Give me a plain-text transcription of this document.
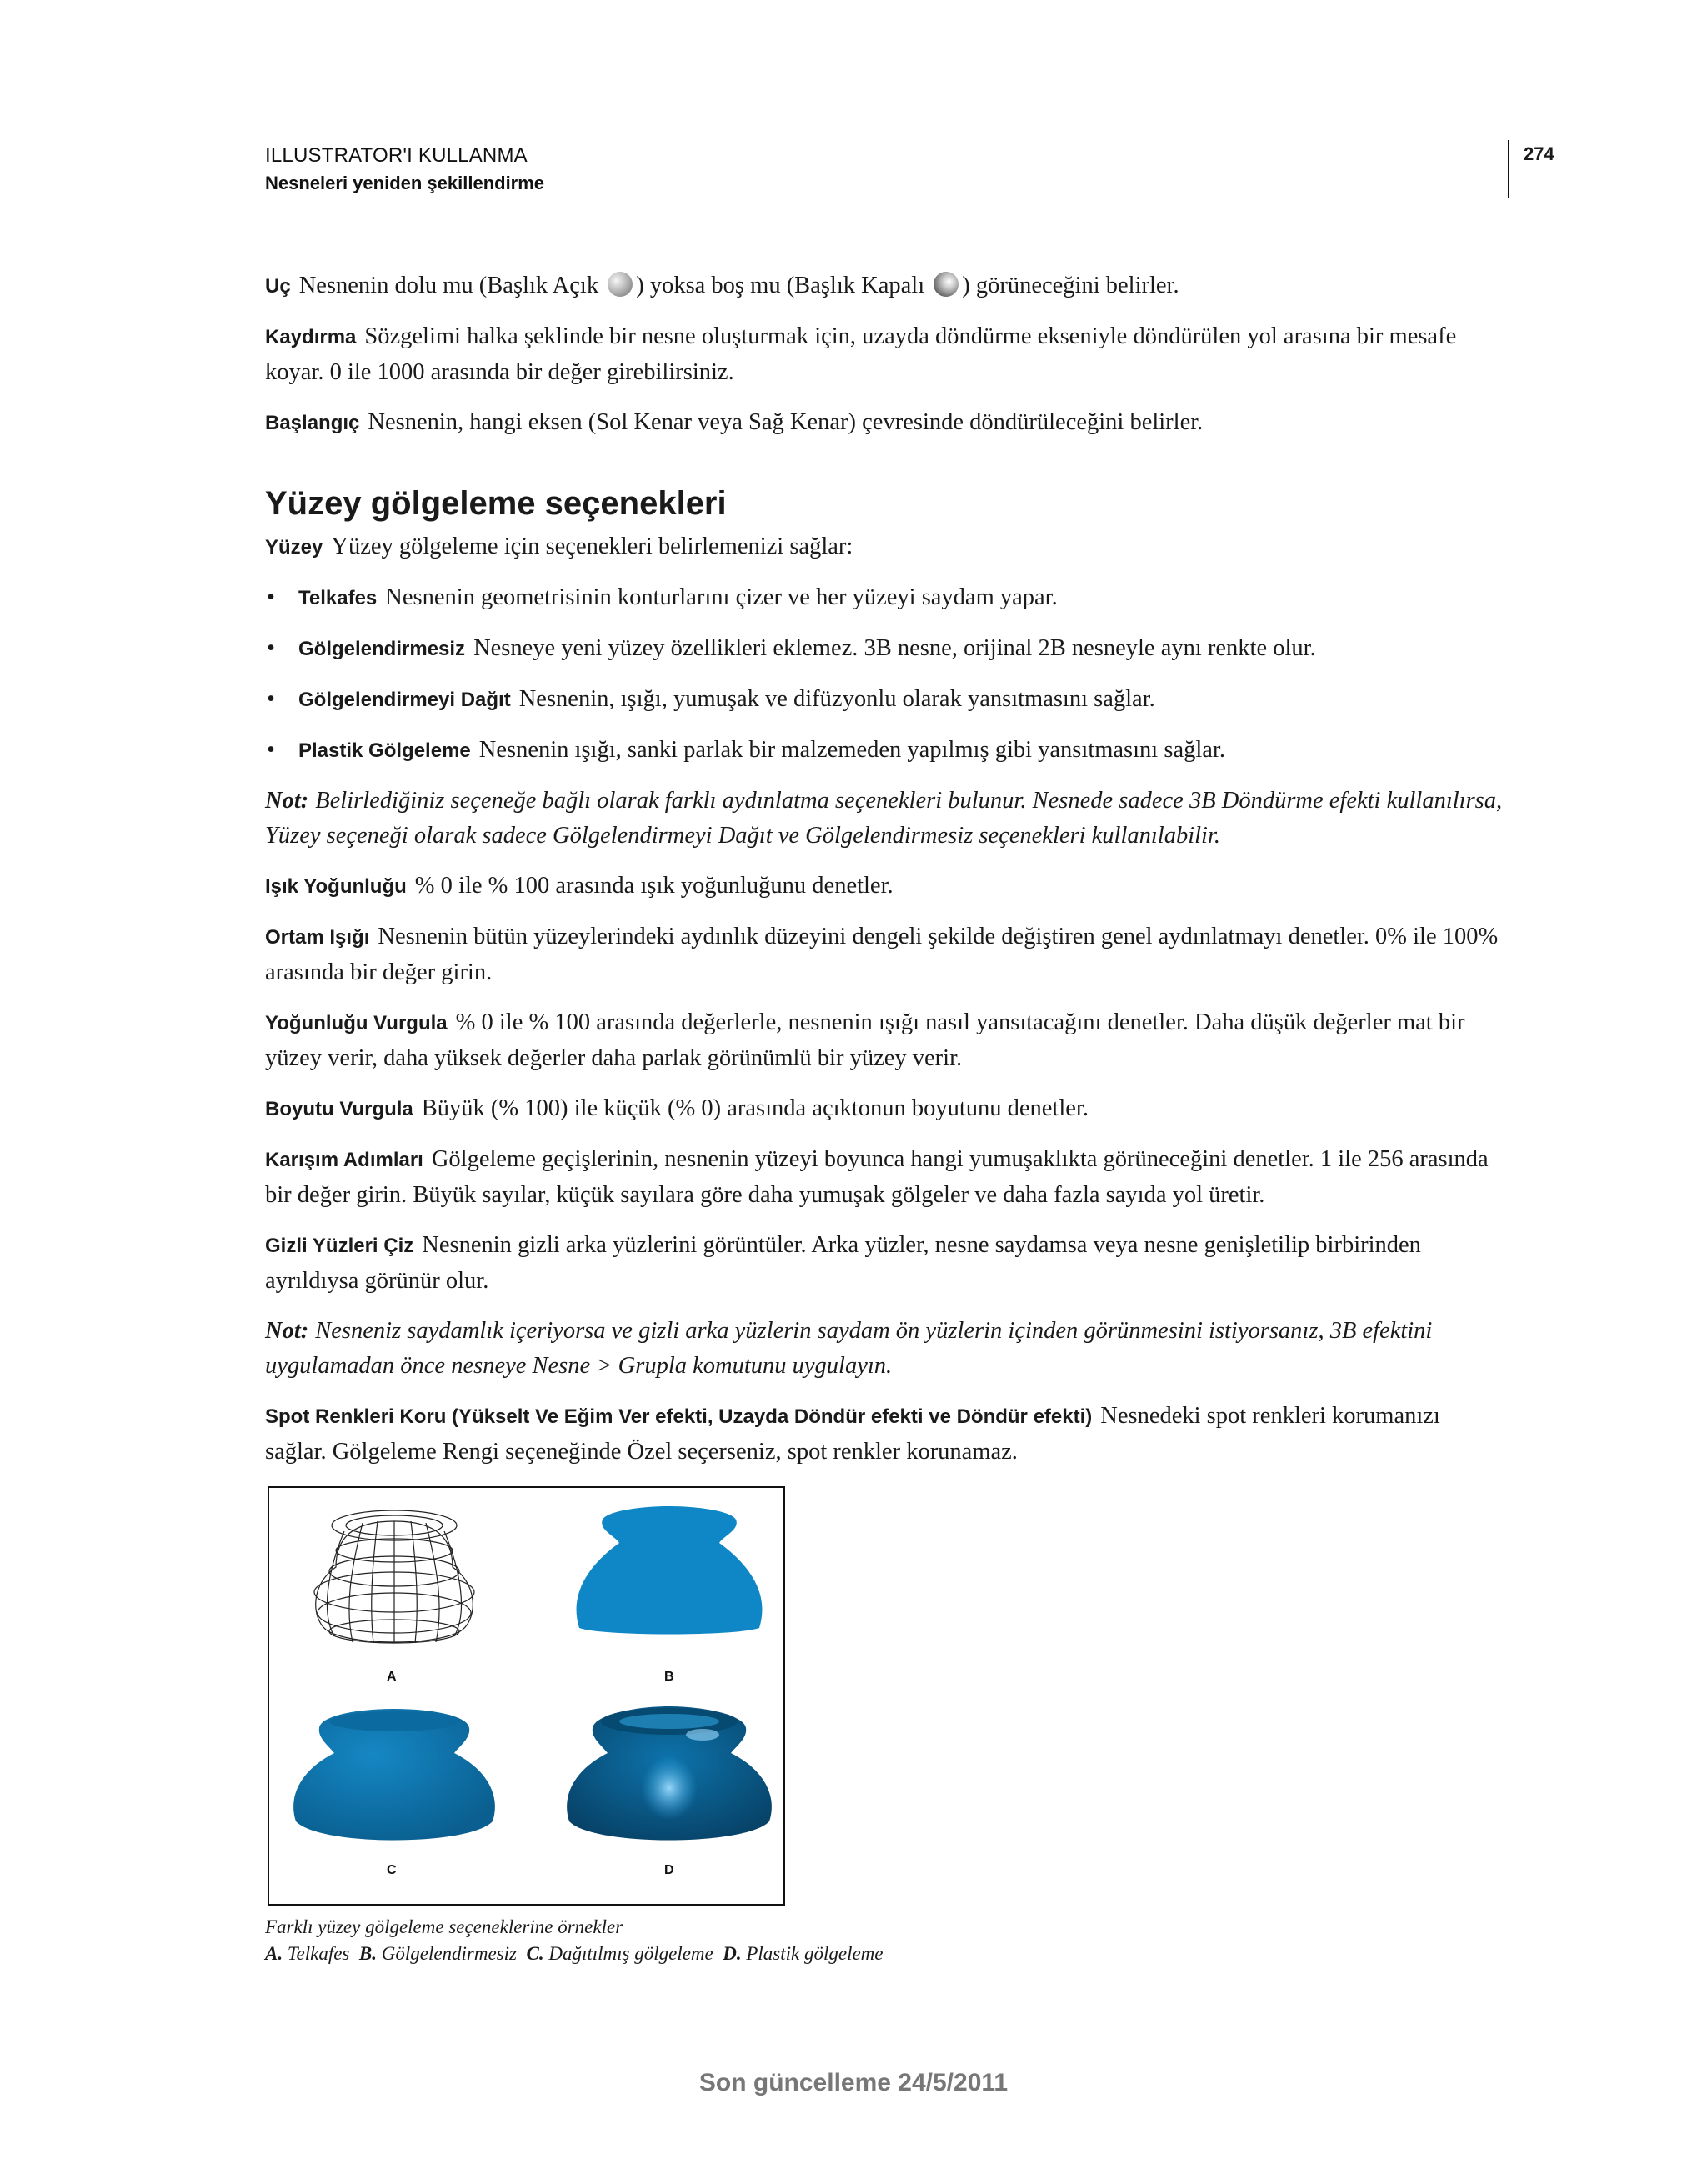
ILLUSTRATOR'I KULLANMA
Nesneleri yeniden şekillendirme
274

Uç Nesnenin dolu mu (Başlık Açık ) yoksa boş mu (Başlık Kapalı ) görüneceğini belirler.

Kaydırma Sözgelimi halka şeklinde bir nesne oluşturmak için, uzayda döndürme ekseniyle döndürülen yol arasına bir mesafe koyar. 0 ile 1000 arasında bir değer girebilirsiniz.

Başlangıç Nesnenin, hangi eksen (Sol Kenar veya Sağ Kenar) çevresinde döndürüleceğini belirler.

Yüzey gölgeleme seçenekleri

Yüzey Yüzey gölgeleme için seçenekleri belirlemenizi sağlar:

• Telkafes Nesnenin geometrisinin konturlarını çizer ve her yüzeyi saydam yapar.
• Gölgelendirmesiz Nesneye yeni yüzey özellikleri eklemez. 3B nesne, orijinal 2B nesneyle aynı renkte olur.
• Gölgelendirmeyi Dağıt Nesnenin, ışığı, yumuşak ve difüzyonlu olarak yansıtmasını sağlar.
• Plastik Gölgeleme Nesnenin ışığı, sanki parlak bir malzemeden yapılmış gibi yansıtmasını sağlar.

Not: Belirlediğiniz seçeneğe bağlı olarak farklı aydınlatma seçenekleri bulunur. Nesnede sadece 3B Döndürme efekti kullanılırsa, Yüzey seçeneği olarak sadece Gölgelendirmeyi Dağıt ve Gölgelendirmesiz seçenekleri kullanılabilir.

Işık Yoğunluğu % 0 ile % 100 arasında ışık yoğunluğunu denetler.

Ortam Işığı Nesnenin bütün yüzeylerindeki aydınlık düzeyini dengeli şekilde değiştiren genel aydınlatmayı denetler. 0% ile 100% arasında bir değer girin.

Yoğunluğu Vurgula % 0 ile % 100 arasında değerlerle, nesnenin ışığı nasıl yansıtacağını denetler. Daha düşük değerler mat bir yüzey verir, daha yüksek değerler daha parlak görünümlü bir yüzey verir.

Boyutu Vurgula Büyük (% 100) ile küçük (% 0) arasında açıktonun boyutunu denetler.

Karışım Adımları Gölgeleme geçişlerinin, nesnenin yüzeyi boyunca hangi yumuşaklıkta görüneceğini denetler. 1 ile 256 arasında bir değer girin. Büyük sayılar, küçük sayılara göre daha yumuşak gölgeler ve daha fazla sayıda yol üretir.

Gizli Yüzleri Çiz Nesnenin gizli arka yüzlerini görüntüler. Arka yüzler, nesne saydamsa veya nesne genişletilip birbirinden ayrıldıysa görünür olur.

Not: Nesneniz saydamlık içeriyorsa ve gizli arka yüzlerin saydam ön yüzlerin içinden görünmesini istiyorsanız, 3B efektini uygulamadan önce nesneye Nesne > Grupla komutunu uygulayın.

Spot Renkleri Koru (Yükselt Ve Eğim Ver efekti, Uzayda Döndür efekti ve Döndür efekti) Nesnedeki spot renkleri korumanızı sağlar. Gölgeleme Rengi seçeneğinde Özel seçerseniz, spot renkler korunamaz.

A	B
C	D
Farklı yüzey gölgeleme seçeneklerine örnekler
A. Telkafes B. Gölgelendirmesiz C. Dağıtılmış gölgeleme D. Plastik gölgeleme
Son güncelleme 24/5/2011
